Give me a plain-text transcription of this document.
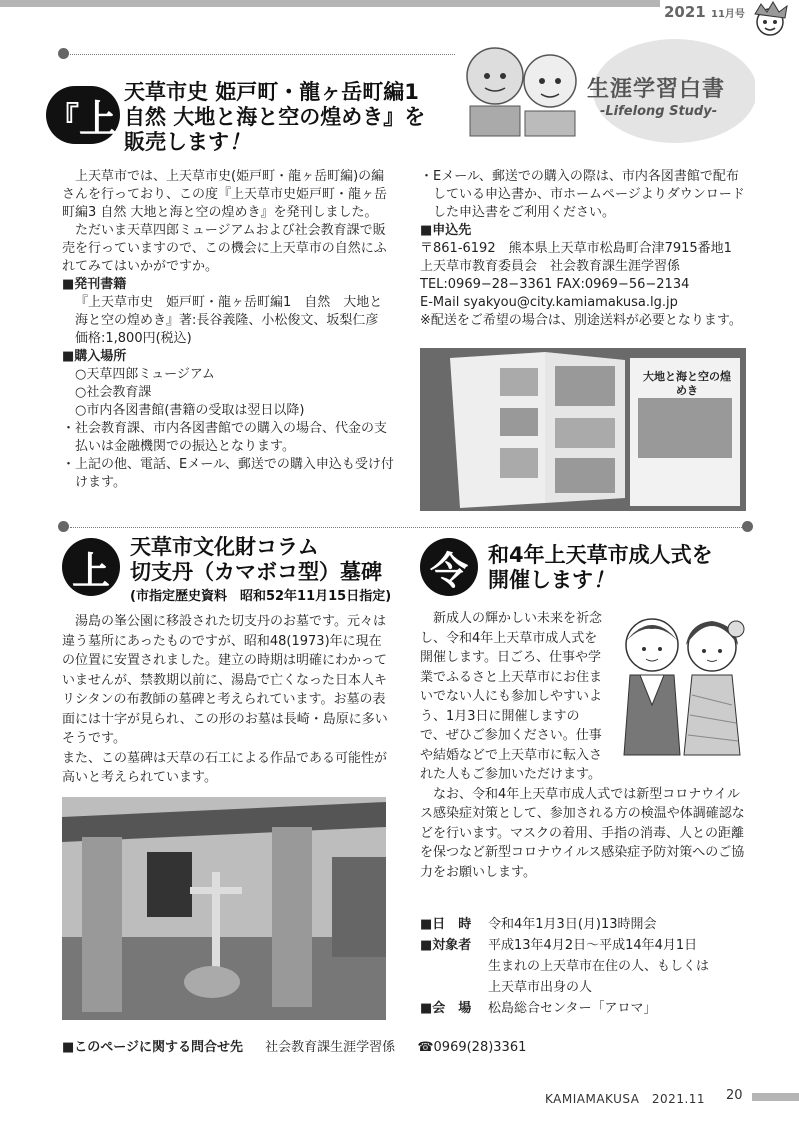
2021 11月号
生涯学習白書
-Lifelong Study-
『 上
天草市史 姫戸町・龍ヶ岳町編1
自然 大地と海と空の煌めき』を
販売します！

上天草市では、上天草市史(姫戸町・龍ヶ岳町編)の編さんを行っており、この度『上天草市史姫戸町・龍ヶ岳町編3 自然 大地と海と空の煌めき』を発刊しました。

ただいま天草四郎ミュージアムおよび社会教育課で販売を行っていますので、この機会に上天草市の自然にふれてみてはいかがですか。

■発刊書籍

『上天草市史　姫戸町・龍ヶ岳町編1　自然　大地と海と空の煌めき』著:長谷義隆、小松俊文、坂梨仁彦

価格:1,800円(税込)

■購入場所

○天草四郎ミュージアム

○社会教育課

○市内各図書館(書籍の受取は翌日以降)

・社会教育課、市内各図書館での購入の場合、代金の支払いは金融機関での振込となります。

・上記の他、電話、Eメール、郵送での購入申込も受け付けます。

・Eメール、郵送での購入の際は、市内各図書館で配布している申込書か、市ホームページよりダウンロードした申込書をご利用ください。

■申込先

〒861-6192　熊本県上天草市松島町合津7915番地1

上天草市教育委員会　社会教育課生涯学習係

TEL:0969−28−3361 FAX:0969−56−2134

E-Mail syakyou@city.kamiamakusa.lg.jp

※配送をご希望の場合は、別途送料が必要となります。

大地と海と空の煌めき
上
天草市文化財コラム
切支丹（カマボコ型）墓碑
(市指定歴史資料　昭和52年11月15日指定)

湯島の峯公園に移設された切支丹のお墓です。元々は違う墓所にあったものですが、昭和48(1973)年に現在の位置に安置されました。建立の時期は明確にわかっていませんが、禁教期以前に、湯島で亡くなった日本人キリシタンの布教師の墓碑と考えられています。お墓の表面には十字が見られ、この形のお墓は長崎・島原に多いそうです。

また、この墓碑は天草の石工による作品である可能性が高いと考えられています。

令 和4年上天草市成人式を
開催します！

新成人の輝かしい未来を祈念し、令和4年上天草市成人式を開催します。日ごろ、仕事や学業でふるさと上天草市にお住まいでない人にも参加しやすいよう、1月3日に開催しますので、ぜひご参加ください。仕事や結婚などで上天草市に転入された人もご参加いただけます。

なお、令和4年上天草市成人式では新型コロナウイルス感染症対策として、参加される方の検温や体調確認などを行います。マスクの着用、手指の消毒、人との距離を保つなど新型コロナウイルス感染症予防対策へのご協力をお願いします。

■日　時	令和4年1月3日(月)13時開会
■対象者	平成13年4月2日〜平成14年4月1日
生まれの上天草市在住の人、もしくは
上天草市出身の人
■会　場	松島総合センター「アロマ」
■このページに関する問合せ先 社会教育課生涯学習係 ☎0969(28)3361
KAMIAMAKUSA　2021.11 20
